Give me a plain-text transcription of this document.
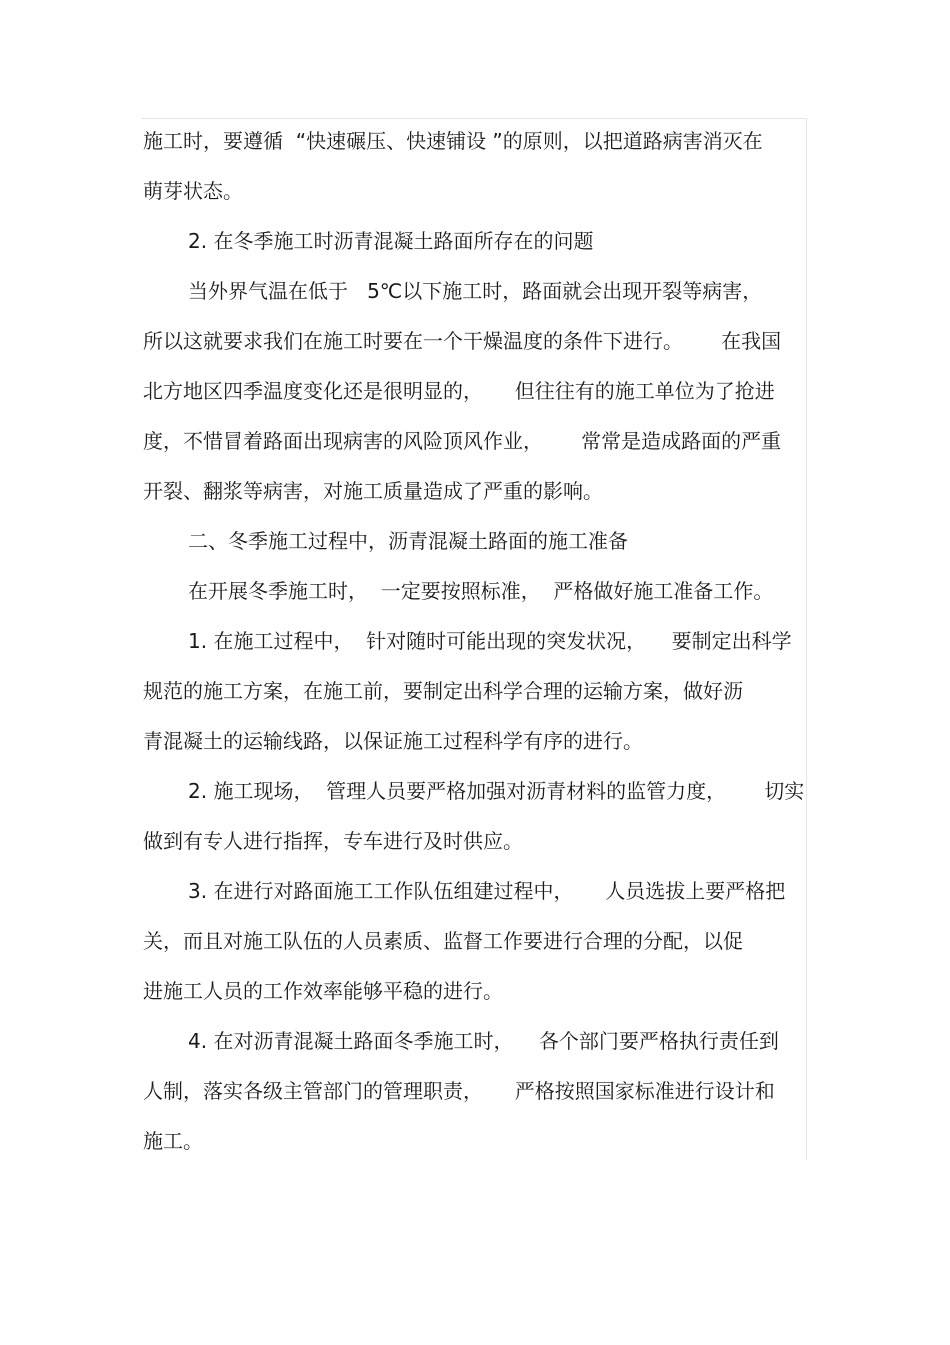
施工时，要遵循  “快速碾压、快速铺设 ”的原则，以把道路病害消灭在
萌芽状态。
2. 在冬季施工时沥青混凝土路面所存在的问题
当外界气温在低于   5℃以下施工时，路面就会出现开裂等病害，
所以这就要求我们在施工时要在一个干燥温度的条件下进行。      在我国
北方地区四季温度变化还是很明显的，     但往往有的施工单位为了抢进
度，不惜冒着路面出现病害的风险顶风作业，      常常是造成路面的严重
开裂、翻浆等病害，对施工质量造成了严重的影响。
二、冬季施工过程中，沥青混凝土路面的施工准备
在开展冬季施工时，  一定要按照标准，  严格做好施工准备工作。
1. 在施工过程中，  针对随时可能出现的突发状况，    要制定出科学
规范的施工方案，在施工前，要制定出科学合理的运输方案，做好沥
青混凝土的运输线路，以保证施工过程科学有序的进行。
2. 施工现场，  管理人员要严格加强对沥青材料的监管力度，      切实
做到有专人进行指挥，专车进行及时供应。
3. 在进行对路面施工工作队伍组建过程中，     人员选拔上要严格把
关，而且对施工队伍的人员素质、监督工作要进行合理的分配，以促
进施工人员的工作效率能够平稳的进行。
4. 在对沥青混凝土路面冬季施工时，    各个部门要严格执行责任到
人制，落实各级主管部门的管理职责，     严格按照国家标准进行设计和
施工。
